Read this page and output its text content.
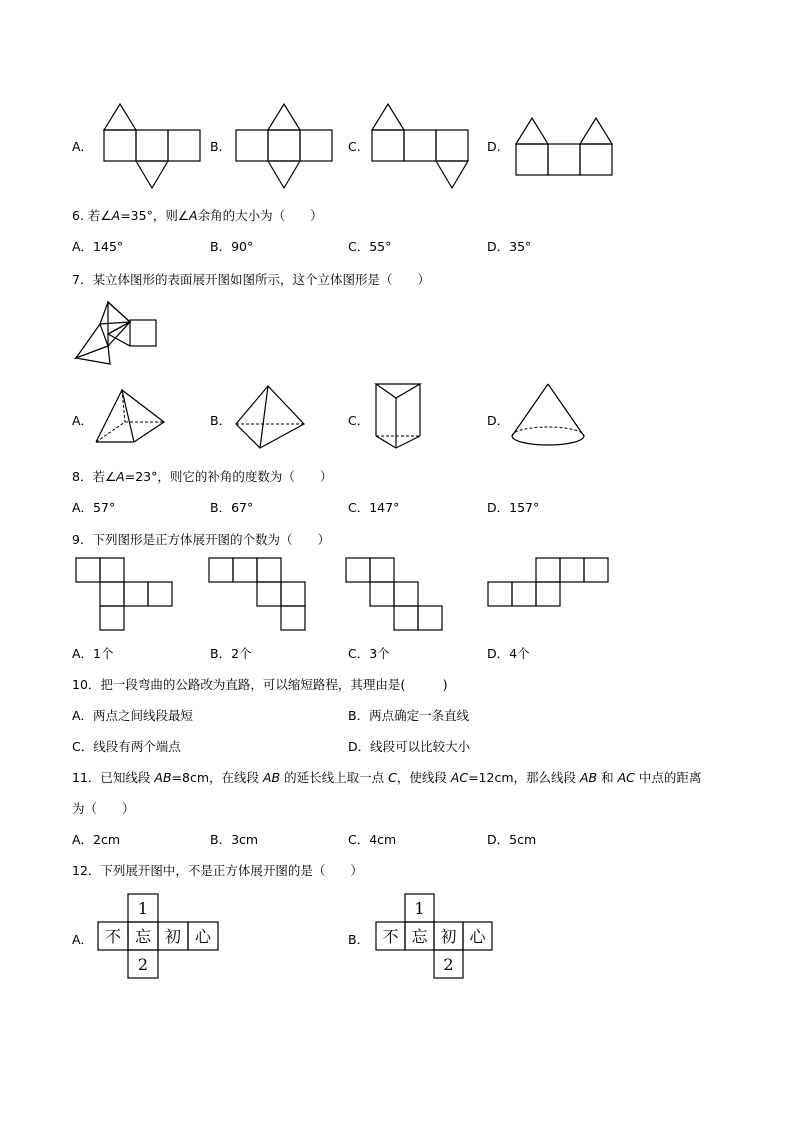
A.	B.	C.	D.
6. 若∠A=35°，则∠A余角的大小为（　　）
A．145°	B．90°	C．55°	D．35°
7．某立体图形的表面展开图如图所示，这个立体图形是（　　）
A．	B．	C．	D．
8．若∠A=23°，则它的补角的度数为（　　）
A．57°	B．67°	C．147°	D．157°
9．下列图形是正方体展开图的个数为（　　）
A．1个	B．2个	C．3个	D．4个
10．把一段弯曲的公路改为直路，可以缩短路程，其理由是(　　　)
A．两点之间线段最短	B．两点确定一条直线
C．线段有两个端点	D．线段可以比较大小
11．已知线段 AB=8cm，在线段 AB 的延长线上取一点 C，使线段 AC=12cm，那么线段 AB 和 AC 中点的距离
为（　　）
A．2cm	B．3cm	C．4cm	D．5cm
12．下列展开图中，不是正方体展开图的是（　　）
A．
1
不 忘 初 心
2
B．
1
不 忘 初 心
2
